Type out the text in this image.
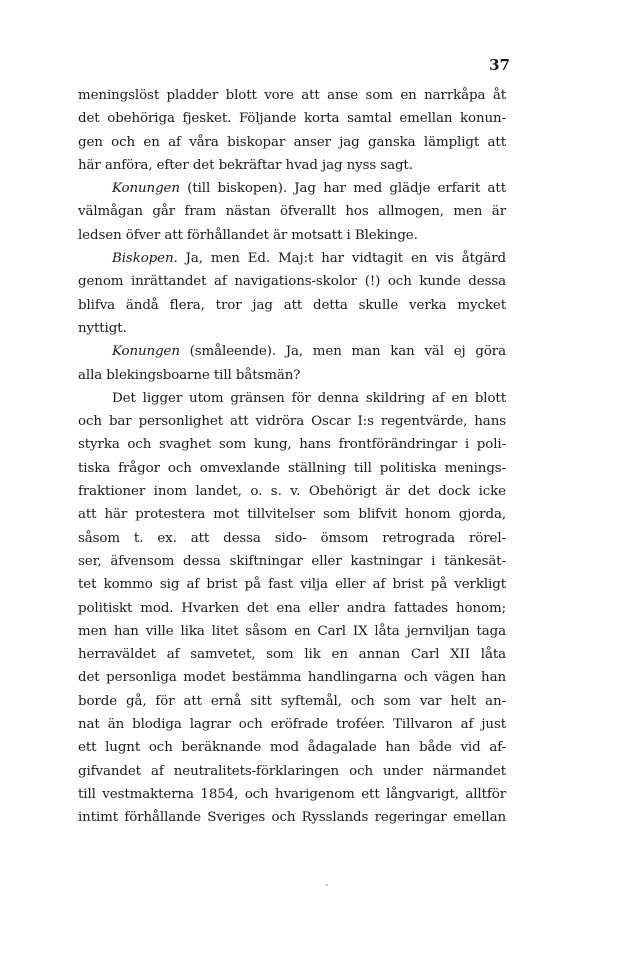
37
meningslöst pladder blott vore att anse som en narrkåpa åt
det obehöriga fjesket. Följande korta samtal emellan konun-
gen och en af våra biskopar anser jag ganska lämpligt att
här anföra, efter det bekräftar hvad jag nyss sagt.
Konungen (till biskopen). Jag har med glädje erfarit att
välmågan går fram nästan öfverallt hos allmogen, men är
ledsen öfver att förhållandet är motsatt i Blekinge.
Biskopen. Ja, men Ed. Maj:t har vidtagit en vis åtgärd
genom inrättandet af navigations-skolor (!) och kunde dessa
blifva ändå flera, tror jag att detta skulle verka mycket
nyttigt.
Konungen (småleende). Ja, men man kan väl ej göra
alla blekingsboarne till båtsmän?
Det ligger utom gränsen för denna skildring af en blott
och bar personlighet att vidröra Oscar I:s regentvärde, hans
styrka och svaghet som kung, hans frontförändringar i poli-
tiska frågor och omvexlande ställning till politiska menings-
fraktioner inom landet, o. s. v. Obehörigt är det dock icke
att här protestera mot tillvitelser som blifvit honom gjorda,
såsom t. ex. att dessa sido- ömsom retrograda rörel-
ser, äfvensom dessa skiftningar eller kastningar i tänkesät-
tet kommo sig af brist på fast vilja eller af brist på verkligt
politiskt mod. Hvarken det ena eller andra fattades honom;
men han ville lika litet såsom en Carl IX låta jernviljan taga
herraväldet af samvetet, som lik en annan Carl XII låta
det personliga modet bestämma handlingarna och vägen han
borde gå, för att ernå sitt syftemål, och som var helt an-
nat än blodiga lagrar och eröfrade troféer. Tillvaron af just
ett lugnt och beräknande mod ådagalade han både vid af-
gifvandet af neutralitets-förklaringen och under närmandet
till vestmakterna 1854, och hvarigenom ett långvarigt, alltför
intimt förhållande Sveriges och Rysslands regeringar emellan
